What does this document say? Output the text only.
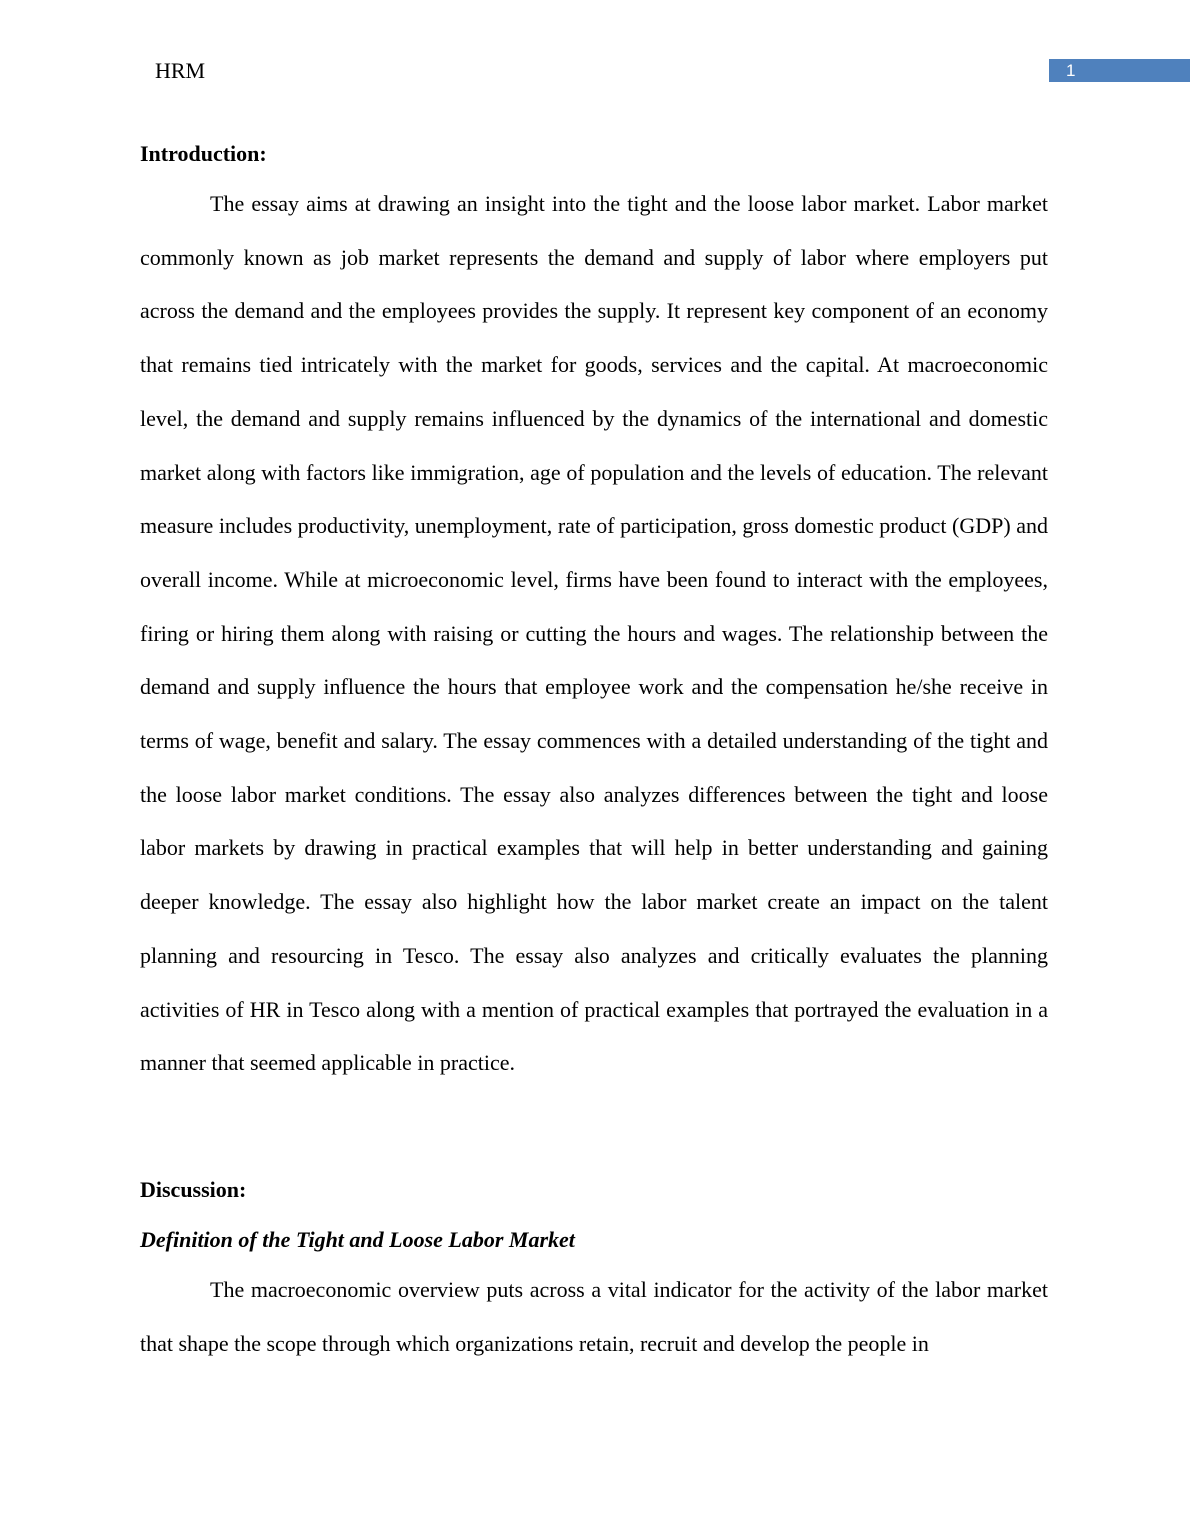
HRM	1
Introduction:

The essay aims at drawing an insight into the tight and the loose labor market. Labor market commonly known as job market represents the demand and supply of labor where employers put across the demand and the employees provides the supply. It represent key component of an economy that remains tied intricately with the market for goods, services and the capital. At macroeconomic level, the demand and supply remains influenced by the dynamics of the international and domestic market along with factors like immigration, age of population and the levels of education. The relevant measure includes productivity, unemployment, rate of participation, gross domestic product (GDP) and overall income. While at microeconomic level, firms have been found to interact with the employees, firing or hiring them along with raising or cutting the hours and wages. The relationship between the demand and supply influence the hours that employee work and the compensation he/she receive in terms of wage, benefit and salary. The essay commences with a detailed understanding of the tight and the loose labor market conditions. The essay also analyzes differences between the tight and loose labor markets by drawing in practical examples that will help in better understanding and gaining deeper knowledge. The essay also highlight how the labor market create an impact on the talent planning and resourcing in Tesco. The essay also analyzes and critically evaluates the planning activities of HR in Tesco along with a mention of practical examples that portrayed the evaluation in a manner that seemed applicable in practice.

Discussion:
Definition of the Tight and Loose Labor Market

The macroeconomic overview puts across a vital indicator for the activity of the labor market that shape the scope through which organizations retain, recruit and develop the people in
